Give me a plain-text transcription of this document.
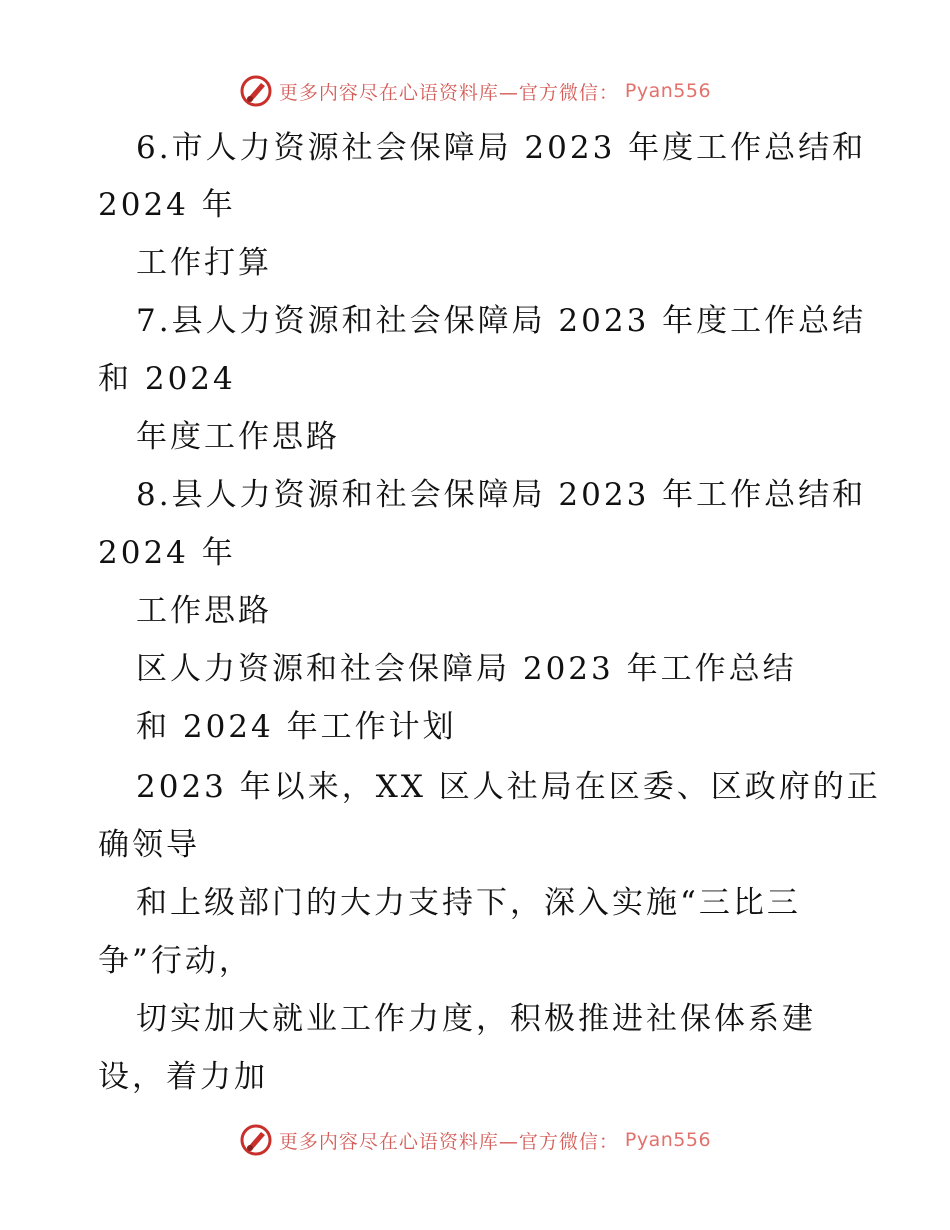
更多内容尽在心语资料库—官方微信： Pyan556
6.市人力资源社会保障局 2023 年度工作总结和
2024 年
工作打算
7.县人力资源和社会保障局 2023 年度工作总结
和 2024
年度工作思路
8.县人力资源和社会保障局 2023 年工作总结和
2024 年
工作思路
区人力资源和社会保障局 2023 年工作总结
和 2024 年工作计划
2023 年以来，XX 区人社局在区委、区政府的正
确领导
和上级部门的大力支持下，深入实施“三比三
争”行动，
切实加大就业工作力度，积极推进社保体系建
设，着力加
更多内容尽在心语资料库—官方微信： Pyan556
